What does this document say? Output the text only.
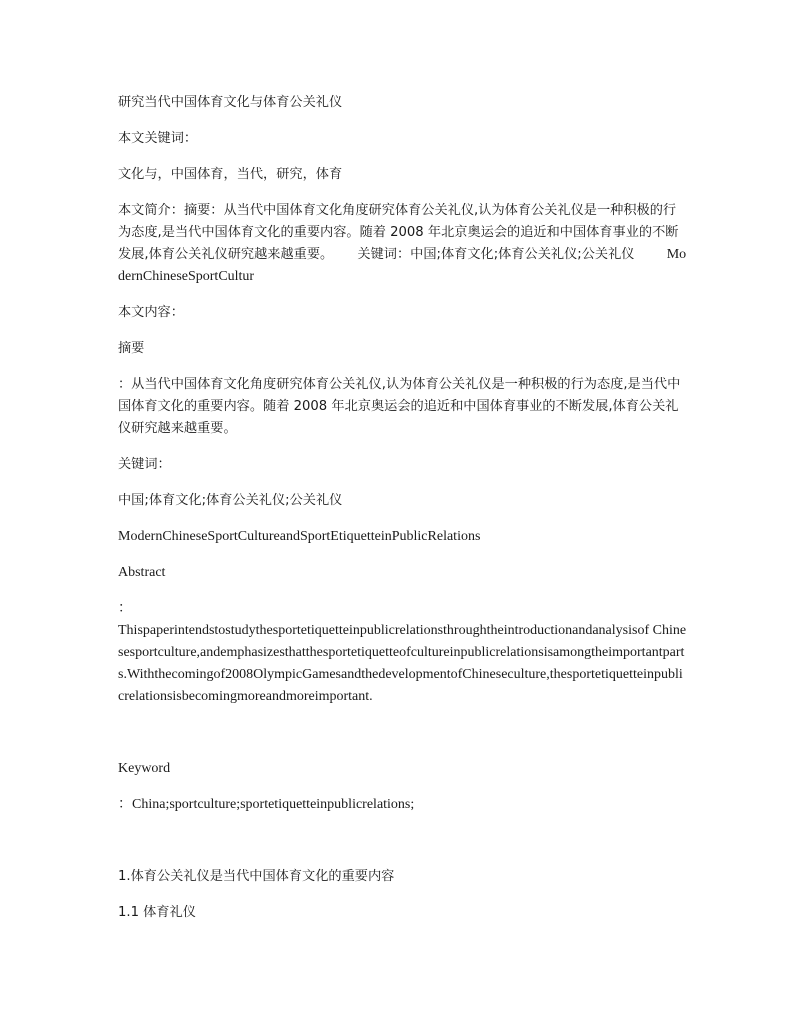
研究当代中国体育文化与体育公关礼仪

本文关键词：

文化与，中国体育，当代，研究，体育

本文简介：摘要：从当代中国体育文化角度研究体育公关礼仪,认为体育公关礼仪是一种积极的行为态度,是当代中国体育文化的重要内容。随着 2008 年北京奥运会的追近和中国体育事业的不断发展,体育公关礼仪研究越来越重要。 关键词：中国;体育文化;体育公关礼仪;公关礼仪 ModernChineseSportCultur

本文内容：

摘要

：从当代中国体育文化角度研究体育公关礼仪,认为体育公关礼仪是一种积极的行为态度,是当代中国体育文化的重要内容。随着 2008 年北京奥运会的追近和中国体育事业的不断发展,体育公关礼仪研究越来越重要。

关键词：

中国;体育文化;体育公关礼仪;公关礼仪

ModernChineseSportCultureandSportEtiquetteinPublicRelations

Abstract

：
Thispaperintendstostudythesportetiquetteinpublicrelationsthroughtheintroductionandanalysisof Chinesesportculture,andemphasizesthatthesportetiquetteofcultureinpublicrelationsisamongtheimportantparts.Withthecomingof2008OlympicGamesandthedevelopmentofChineseculture,thesportetiquetteinpublicrelationsisbecomingmoreandmoreimportant.

Keyword

：China;sportculture;sportetiquetteinpublicrelations;

1.体育公关礼仪是当代中国体育文化的重要内容

1.1 体育礼仪
